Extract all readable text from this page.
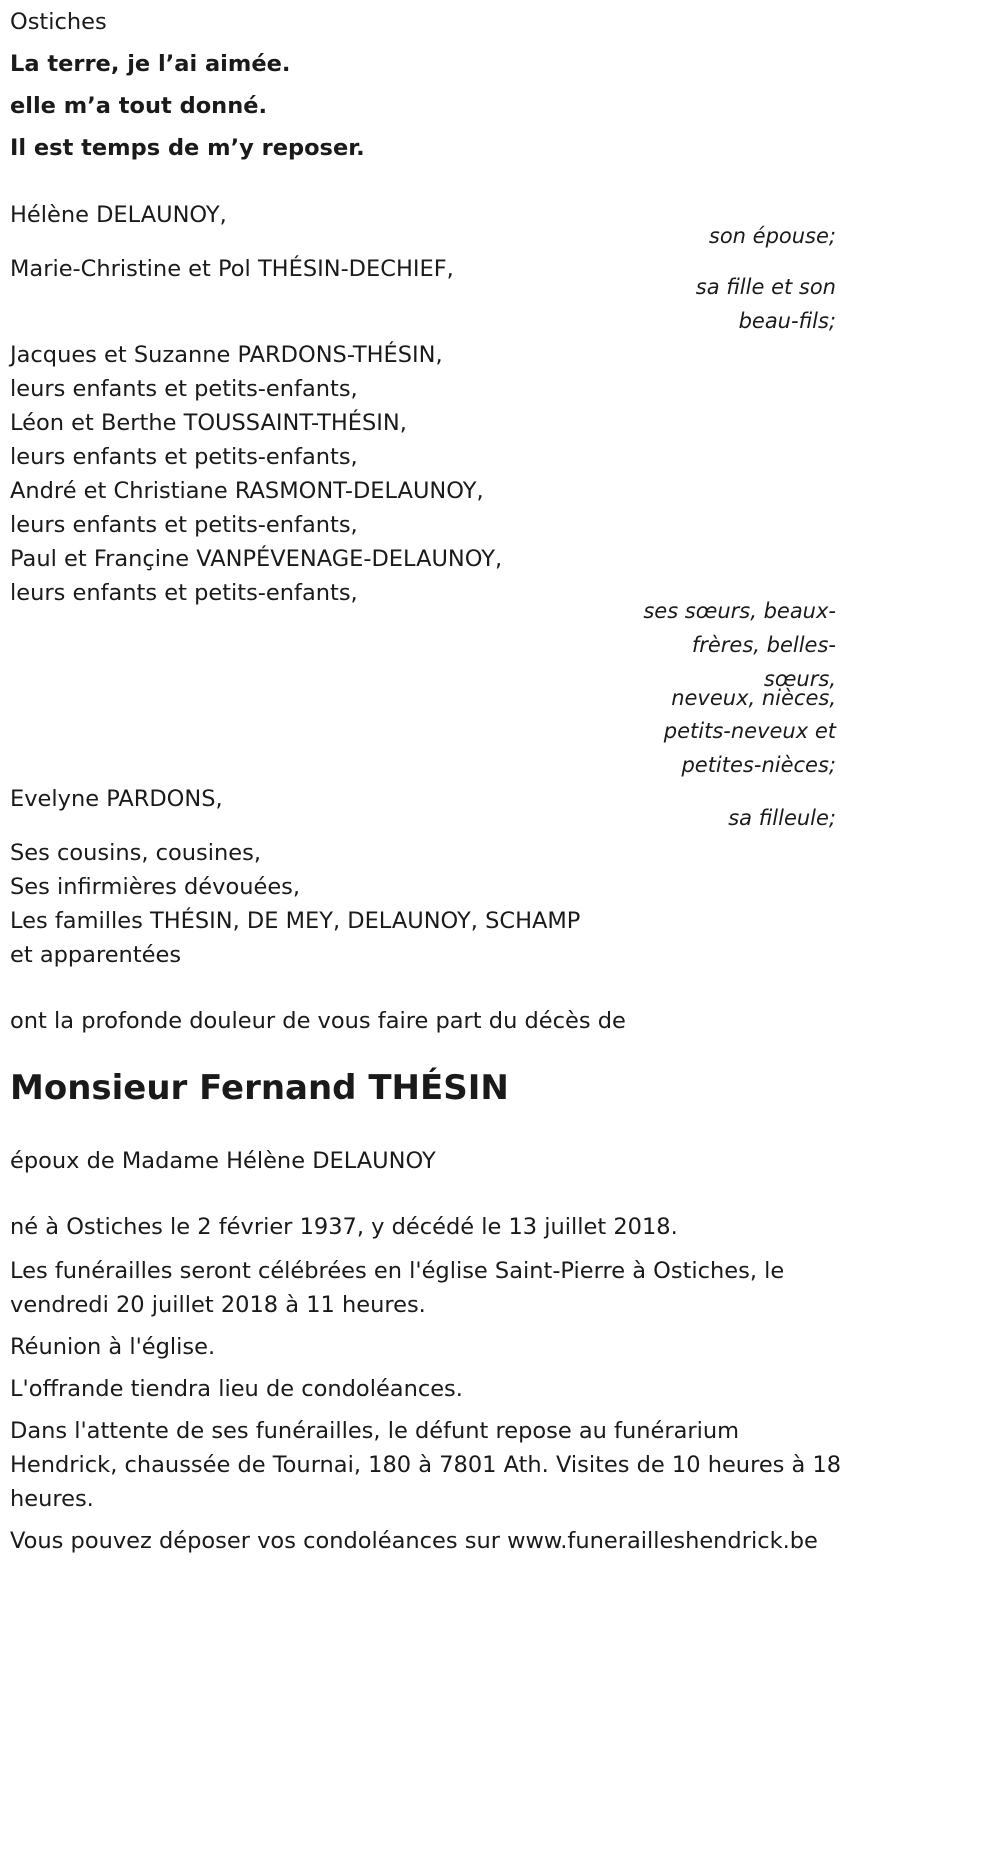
Ostiches
La terre, je l’ai aimée.
elle m’a tout donné.
Il est temps de m’y reposer.
Hélène DELAUNOY,
son épouse;
Marie-Christine et Pol THÉSIN-DECHIEF,
sa fille et son
beau-fils;
Jacques et Suzanne PARDONS-THÉSIN,
leurs enfants et petits-enfants,
Léon et Berthe TOUSSAINT-THÉSIN,
leurs enfants et petits-enfants,
André et Christiane RASMONT-DELAUNOY,
leurs enfants et petits-enfants,
Paul et Françine VANPÉVENAGE-DELAUNOY,
leurs enfants et petits-enfants,
ses sœurs, beaux-
frères, belles-
sœurs,
neveux, nièces,
petits-neveux et
petites-nièces;
Evelyne PARDONS,
sa filleule;
Ses cousins, cousines,
Ses infirmières dévouées,
Les familles THÉSIN, DE MEY, DELAUNOY, SCHAMP
et apparentées
ont la profonde douleur de vous faire part du décès de
Monsieur Fernand THÉSIN
époux de Madame Hélène DELAUNOY
né à Ostiches le 2 février 1937, y décédé le 13 juillet 2018.
Les funérailles seront célébrées en l'église Saint-Pierre à Ostiches, le
vendredi 20 juillet 2018 à 11 heures.
Réunion à l'église.
L'offrande tiendra lieu de condoléances.
Dans l'attente de ses funérailles, le défunt repose au funérarium
Hendrick, chaussée de Tournai, 180 à 7801 Ath. Visites de 10 heures à 18
heures.
Vous pouvez déposer vos condoléances sur www.funerailleshendrick.be
